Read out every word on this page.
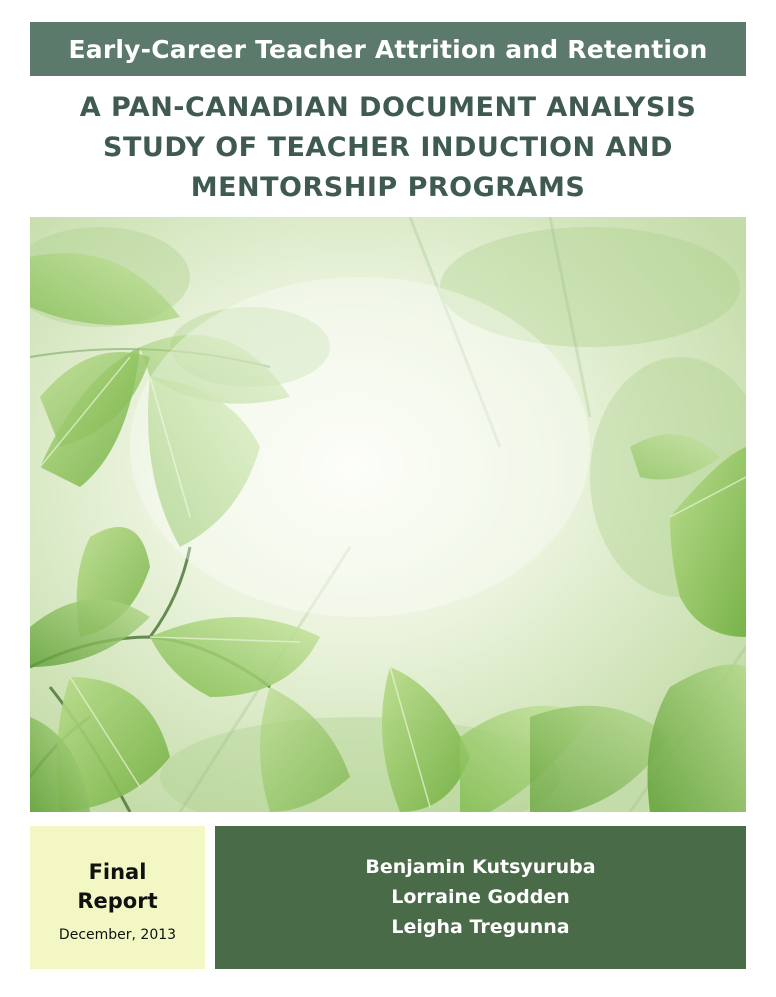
Early-Career Teacher Attrition and Retention
A PAN-CANADIAN DOCUMENT ANALYSIS
STUDY OF TEACHER INDUCTION AND
MENTORSHIP PROGRAMS
Final
Report
December, 2013
Benjamin Kutsyuruba
Lorraine Godden
Leigha Tregunna
